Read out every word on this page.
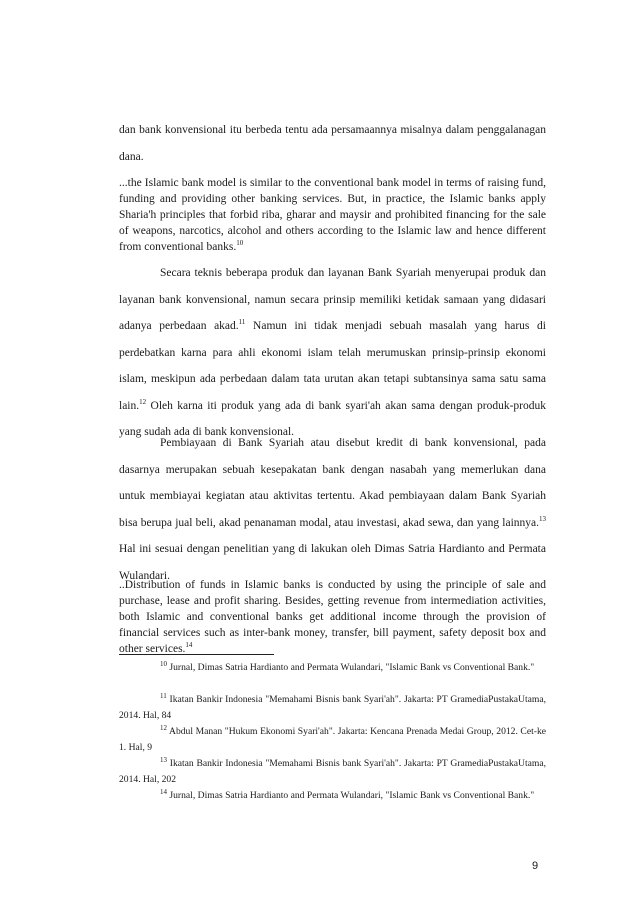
dan bank konvensional itu berbeda tentu ada persamaannya misalnya dalam penggalanagan dana.
...the Islamic bank model is similar to the conventional bank model in terms of raising fund, funding and providing other banking services. But, in practice, the Islamic banks apply Sharia'h principles that forbid riba, gharar and maysir and prohibited financing for the sale of weapons, narcotics, alcohol and others according to the Islamic law and hence different from conventional banks.$^{10}$
Secara teknis beberapa produk dan layanan Bank Syariah menyerupai produk dan layanan bank konvensional, namun secara prinsip memiliki ketidak samaan yang didasari adanya perbedaan akad.$^{11}$ Namun ini tidak menjadi sebuah masalah yang harus di perdebatkan karna para ahli ekonomi islam telah merumuskan prinsip-prinsip ekonomi islam, meskipun ada perbedaan dalam tata urutan akan tetapi subtansinya sama satu sama lain.$^{12}$ Oleh karna iti produk yang ada di bank syari'ah akan sama dengan produk-produk yang sudah ada di bank konvensional.
Pembiayaan di Bank Syariah atau disebut kredit di bank konvensional, pada dasarnya merupakan sebuah kesepakatan bank dengan nasabah yang memerlukan dana untuk membiayai kegiatan atau aktivitas tertentu. Akad pembiayaan dalam Bank Syariah bisa berupa jual beli, akad penanaman modal, atau investasi, akad sewa, dan yang lainnya.$^{13}$ Hal ini sesuai dengan penelitian yang di lakukan oleh Dimas Satria Hardianto and Permata Wulandari.
..Distribution of funds in Islamic banks is conducted by using the principle of sale and purchase, lease and profit sharing. Besides, getting revenue from intermediation activities, both Islamic and conventional banks get additional income through the provision of financial services such as inter-bank money, transfer, bill payment, safety deposit box and other services.$^{14}$
$^{10}$ Jurnal, Dimas Satria Hardianto and Permata Wulandari, "Islamic Bank vs Conventional Bank."
$^{11}$ Ikatan Bankir Indonesia "Memahami Bisnis bank Syari'ah". Jakarta: PT GramediaPustakaUtama, 2014. Hal, 84
$^{12}$ Abdul Manan "Hukum Ekonomi Syari'ah". Jakarta: Kencana Prenada Medai Group, 2012. Cet-ke 1. Hal, 9
$^{13}$ Ikatan Bankir Indonesia "Memahami Bisnis bank Syari'ah". Jakarta: PT GramediaPustakaUtama, 2014. Hal, 202
$^{14}$ Jurnal, Dimas Satria Hardianto and Permata Wulandari, "Islamic Bank vs Conventional Bank."
9
